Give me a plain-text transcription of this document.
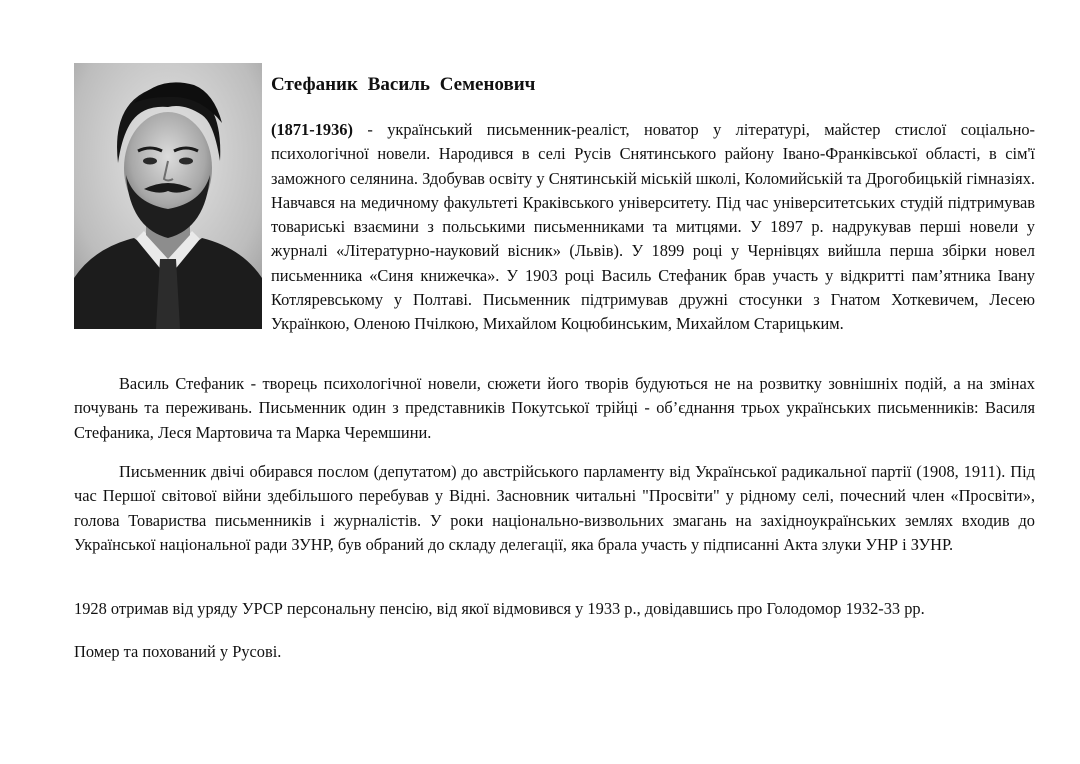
Стефаник Василь Семенович
(1871-1936) - український письменник-реаліст, новатор у літературі, майстер стислої соціально-психологічної новели. Народився в селі Русів Снятинського району Івано-Франківської області, в сім'ї заможного селянина. Здобував освіту у Снятинській міській школі, Коломийській та Дрогобицькій гімназіях. Навчався на медичному факультеті Краківського університету. Під час університетських студій підтримував товариські взаємини з польськими письменниками та митцями. У 1897 р. надрукував перші новели у журналі «Літературно-науковий вісник» (Львів). У 1899 році у Чернівцях вийшла перша збірки новел письменника «Синя книжечка». У 1903 році Василь Стефаник брав участь у відкритті пам’ятника Івану Котляревському у Полтаві. Письменник підтримував дружні стосунки з Гнатом Хоткевичем, Лесею Українкою, Оленою Пчілкою, Михайлом Коцюбинським, Михайлом Старицьким.

Василь Стефаник - творець психологічної новели, сюжети його творів будуються не на розвитку зовнішніх подій, а на змінах почувань та переживань. Письменник один з представників Покутської трійці - об’єднання трьох українських письменників: Василя Стефаника, Леся Мартовича та Марка Черемшини.

Письменник двічі обирався послом (депутатом) до австрійського парламенту від Української радикальної партії (1908, 1911). Під час Першої світової війни здебільшого перебував у Відні. Засновник читальні "Просвіти" у рідному селі, почесний член «Просвіти», голова Товариства письменників і журналістів. У роки національно-визвольних змагань на західноукраїнських землях входив до Української національної ради ЗУНР, був обраний до складу делегації, яка брала участь у підписанні Акта злуки УНР і ЗУНР.

1928 отримав від уряду УРСР персональну пенсію, від якої відмовився у 1933 р., довідавшись про Голодомор 1932-33 рр.

Помер та похований у Русові.
